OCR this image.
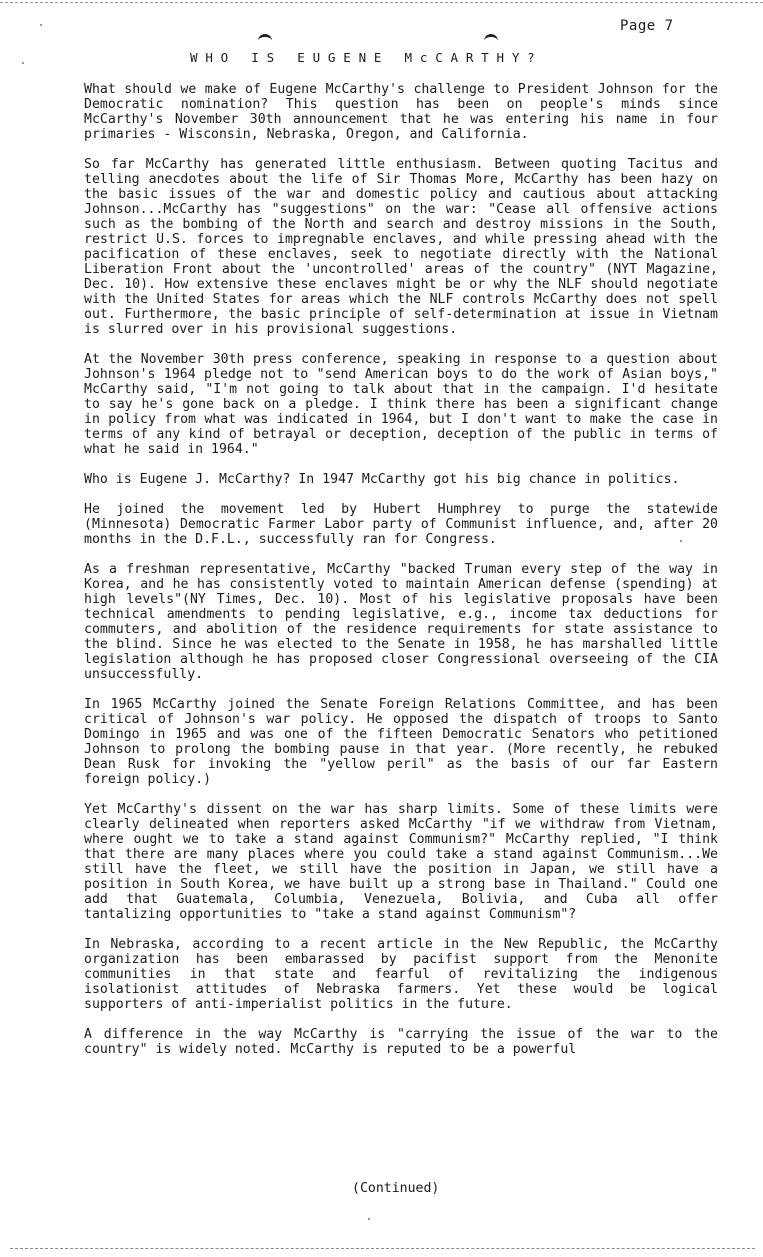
Page 7
WHO IS EUGENE McCARTHY?

What should we make of Eugene McCarthy's challenge to President Johnson for the Democratic nomination? This question has been on people's minds since McCarthy's November 30th announcement that he was entering his name in four primaries - Wisconsin, Nebraska, Oregon, and California.

So far McCarthy has generated little enthusiasm. Between quoting Tacitus and telling anecdotes about the life of Sir Thomas More, McCarthy has been hazy on the basic issues of the war and domestic policy and cautious about attacking Johnson...McCarthy has "suggestions" on the war: "Cease all offensive actions such as the bombing of the North and search and destroy missions in the South, restrict U.S. forces to impregnable enclaves, and while pressing ahead with the pacification of these enclaves, seek to negotiate directly with the National Liberation Front about the 'uncontrolled' areas of the country" (NYT Magazine, Dec. 10). How extensive these enclaves might be or why the NLF should negotiate with the United States for areas which the NLF controls McCarthy does not spell out. Furthermore, the basic principle of self-determination at issue in Vietnam is slurred over in his provisional suggestions.

At the November 30th press conference, speaking in response to a question about Johnson's 1964 pledge not to "send American boys to do the work of Asian boys," McCarthy said, "I'm not going to talk about that in the campaign. I'd hesitate to say he's gone back on a pledge. I think there has been a significant change in policy from what was indicated in 1964, but I don't want to make the case in terms of any kind of betrayal or deception, deception of the public in terms of what he said in 1964."

Who is Eugene J. McCarthy? In 1947 McCarthy got his big chance in politics.

He joined the movement led by Hubert Humphrey to purge the statewide (Minnesota) Democratic Farmer Labor party of Communist influence, and, after 20 months in the D.F.L., successfully ran for Congress.

As a freshman representative, McCarthy "backed Truman every step of the way in Korea, and he has consistently voted to maintain American defense (spending) at high levels"(NY Times, Dec. 10). Most of his legislative proposals have been technical amendments to pending legislative, e.g., income tax deductions for commuters, and abolition of the residence requirements for state assistance to the blind. Since he was elected to the Senate in 1958, he has marshalled little legislation although he has proposed closer Congressional overseeing of the CIA unsuccessfully.

In 1965 McCarthy joined the Senate Foreign Relations Committee, and has been critical of Johnson's war policy. He opposed the dispatch of troops to Santo Domingo in 1965 and was one of the fifteen Democratic Senators who petitioned Johnson to prolong the bombing pause in that year. (More recently, he rebuked Dean Rusk for invoking the "yellow peril" as the basis of our far Eastern foreign policy.)

Yet McCarthy's dissent on the war has sharp limits. Some of these limits were clearly delineated when reporters asked McCarthy "if we withdraw from Vietnam, where ought we to take a stand against Communism?" McCarthy replied, "I think that there are many places where you could take a stand against Communism...We still have the fleet, we still have the position in Japan, we still have a position in South Korea, we have built up a strong base in Thailand." Could one add that Guatemala, Columbia, Venezuela, Bolivia, and Cuba all offer tantalizing opportunities to "take a stand against Communism"?

In Nebraska, according to a recent article in the New Republic, the McCarthy organization has been embarassed by pacifist support from the Menonite communities in that state and fearful of revitalizing the indigenous isolationist attitudes of Nebraska farmers. Yet these would be logical supporters of anti-imperialist politics in the future.

A difference in the way McCarthy is "carrying the issue of the war to the country" is widely noted. McCarthy is reputed to be a powerful

(Continued)
